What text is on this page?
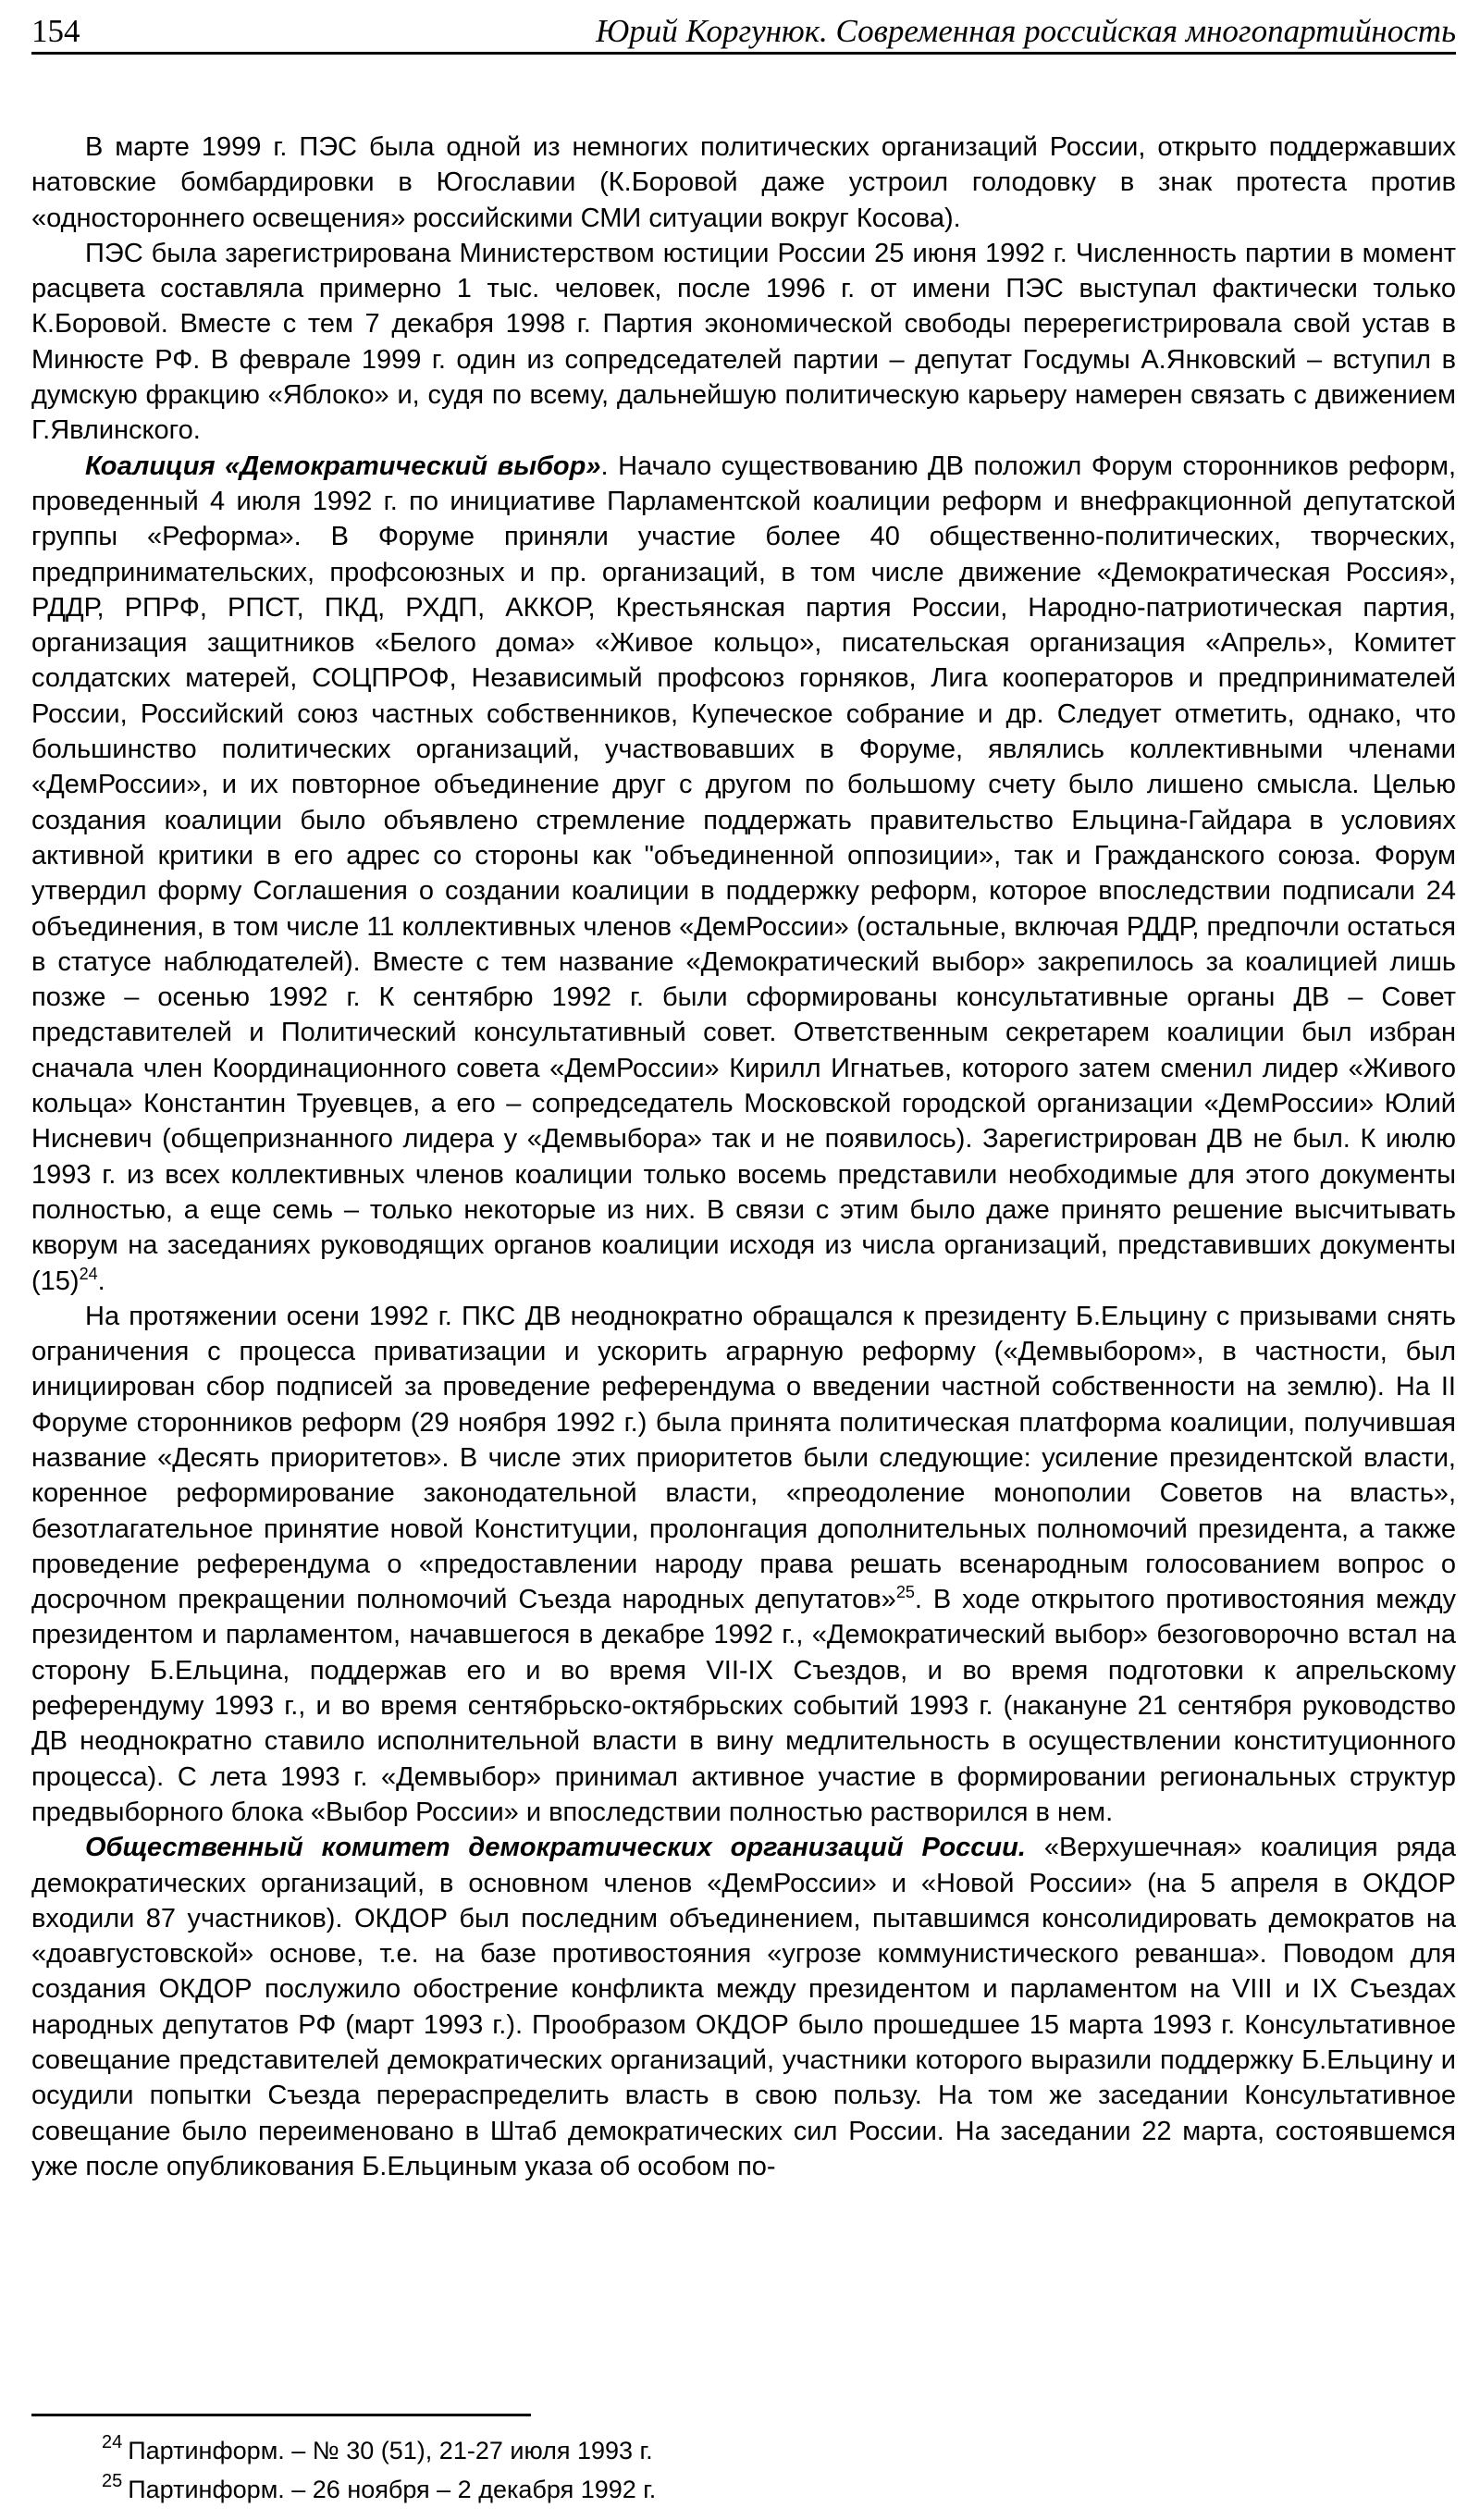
154	Юрий Коргунюк. Современная российская многопартийность

В марте 1999 г. ПЭС была одной из немногих политических организаций России, открыто поддержавших натовские бомбардировки в Югославии (К.Боровой даже устроил голодовку в знак протеста против «одностороннего освещения» российскими СМИ ситуации вокруг Косова).

ПЭС была зарегистрирована Министерством юстиции России 25 июня 1992 г. Численность партии в момент расцвета составляла примерно 1 тыс. человек, после 1996 г. от имени ПЭС выступал фактически только К.Боровой. Вместе с тем 7 декабря 1998 г. Партия экономической свободы перерегистрировала свой устав в Минюсте РФ. В феврале 1999 г. один из сопредседателей партии – депутат Госдумы А.Янковский – вступил в думскую фракцию «Яблоко» и, судя по всему, дальнейшую политическую карьеру намерен связать с движением Г.Явлинского.

Коалиция «Демократический выбор». Начало существованию ДВ положил Форум сторонников реформ, проведенный 4 июля 1992 г. по инициативе Парламентской коалиции реформ и внефракционной депутатской группы «Реформа». В Форуме приняли участие более 40 общественно-политических, творческих, предпринимательских, профсоюзных и пр. организаций, в том числе движение «Демократическая Россия», РДДР, РПРФ, РПСТ, ПКД, РХДП, АККОР, Крестьянская партия России, Народно-патриотическая партия, организация защитников «Белого дома» «Живое кольцо», писательская организация «Апрель», Комитет солдатских матерей, СОЦПРОФ, Независимый профсоюз горняков, Лига кооператоров и предпринимателей России, Российский союз частных собственников, Купеческое собрание и др. Следует отметить, однако, что большинство политических организаций, участвовавших в Форуме, являлись коллективными членами «ДемРоссии», и их повторное объединение друг с другом по большому счету было лишено смысла. Целью создания коалиции было объявлено стремление поддержать правительство Ельцина-Гайдара в условиях активной критики в его адрес со стороны как "объединенной оппозиции», так и Гражданского союза. Форум утвердил форму Соглашения о создании коалиции в поддержку реформ, которое впоследствии подписали 24 объединения, в том числе 11 коллективных членов «ДемРоссии» (остальные, включая РДДР, предпочли остаться в статусе наблюдателей). Вместе с тем название «Демократический выбор» закрепилось за коалицией лишь позже – осенью 1992 г. К сентябрю 1992 г. были сформированы консультативные органы ДВ – Совет представителей и Политический консультативный совет. Ответственным секретарем коалиции был избран сначала член Координационного совета «ДемРоссии» Кирилл Игнатьев, которого затем сменил лидер «Живого кольца» Константин Труевцев, а его – сопредседатель Московской городской организации «ДемРоссии» Юлий Нисневич (общепризнанного лидера у «Демвыбора» так и не появилось). Зарегистрирован ДВ не был. К июлю 1993 г. из всех коллективных членов коалиции только восемь представили необходимые для этого документы полностью, а еще семь – только некоторые из них. В связи с этим было даже принято решение высчитывать кворум на заседаниях руководящих органов коалиции исходя из числа организаций, представивших документы $(15)^{24}$.

На протяжении осени 1992 г. ПКС ДВ неоднократно обращался к президенту Б.Ельцину с призывами снять ограничения с процесса приватизации и ускорить аграрную реформу («Демвыбором», в частности, был инициирован сбор подписей за проведение референдума о введении частной собственности на землю). На II Форуме сторонников реформ (29 ноября 1992 г.) была принята политическая платформа коалиции, получившая название «Десять приоритетов». В числе этих приоритетов были следующие: усиление президентской власти, коренное реформирование законодательной власти, «преодоление монополии Советов на власть», безотлагательное принятие новой Конституции, пролонгация дополнительных полномочий президента, а также проведение референдума о «предоставлении народу права решать всенародным голосованием вопрос о досрочном прекращении полномочий Съезда народных депутатов»$^{25}$. В ходе открытого противостояния между президентом и парламентом, начавшегося в декабре 1992 г., «Демократический выбор» безоговорочно встал на сторону Б.Ельцина, поддержав его и во время VII-IX Съездов, и во время подготовки к апрельскому референдуму 1993 г., и во время сентябрьско-октябрьских событий 1993 г. (накануне 21 сентября руководство ДВ неоднократно ставило исполнительной власти в вину медлительность в осуществлении конституционного процесса). С лета 1993 г. «Демвыбор» принимал активное участие в формировании региональных структур предвыборного блока «Выбор России» и впоследствии полностью растворился в нем.

Общественный комитет демократических организаций России. «Верхушечная» коалиция ряда демократических организаций, в основном членов «ДемРоссии» и «Новой России» (на 5 апреля в ОКДОР входили 87 участников). ОКДОР был последним объединением, пытавшимся консолидировать демократов на «доавгустовской» основе, т.е. на базе противостояния «угрозе коммунистического реванша». Поводом для создания ОКДОР послужило обострение конфликта между президентом и парламентом на VIII и IX Съездах народных депутатов РФ (март 1993 г.). Прообразом ОКДОР было прошедшее 15 марта 1993 г. Консультативное совещание представителей демократических организаций, участники которого выразили поддержку Б.Ельцину и осудили попытки Съезда перераспределить власть в свою пользу. На том же заседании Консультативное совещание было переименовано в Штаб демократических сил России. На заседании 22 марта, состоявшемся уже после опубликования Б.Ельциным указа об особом по-

$^{24}$ Партинформ. – № 30 (51), 21-27 июля 1993 г.
$^{25}$ Партинформ. – 26 ноября – 2 декабря 1992 г.
